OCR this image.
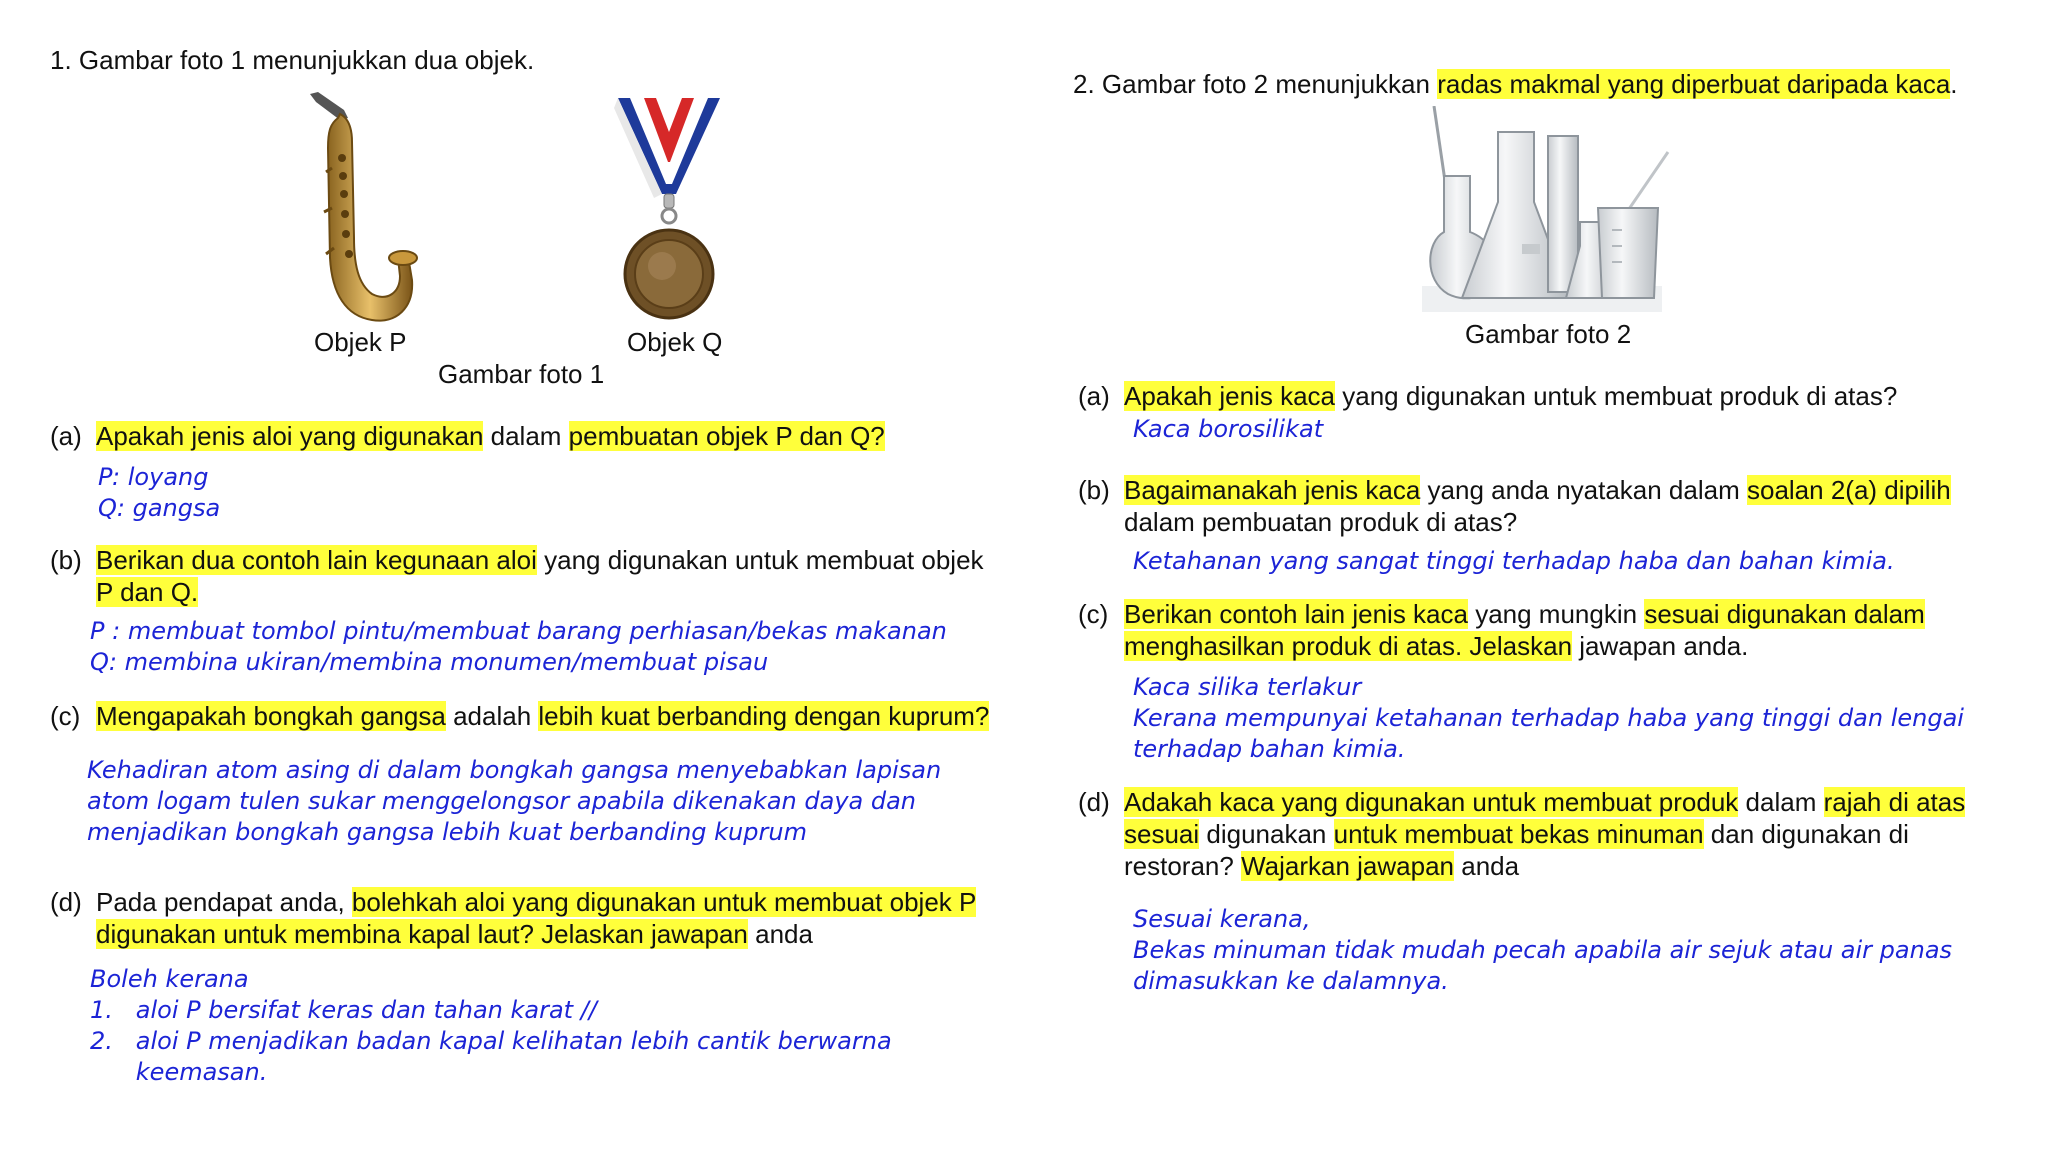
1. Gambar foto 1 menunjukkan dua objek.
Objek P	Objek Q
Gambar foto 1
(a) Apakah jenis aloi yang digunakan dalam pembuatan objek P dan Q?
P: loyang
Q: gangsa
(b) Berikan dua contoh lain kegunaan aloi yang digunakan untuk membuat objek
P dan Q.
P : membuat tombol pintu/membuat barang perhiasan/bekas makanan
Q: membina ukiran/membina monumen/membuat pisau
(c) Mengapakah bongkah gangsa adalah lebih kuat berbanding dengan kuprum?
Kehadiran atom asing di dalam bongkah gangsa menyebabkan lapisan
atom logam tulen sukar menggelongsor apabila dikenakan daya dan
menjadikan bongkah gangsa lebih kuat berbanding kuprum
(d) Pada pendapat anda, bolehkah aloi yang digunakan untuk membuat objek P
digunakan untuk membina kapal laut? Jelaskan jawapan anda
Boleh kerana
1.   aloi P bersifat keras dan tahan karat //
2.   aloi P menjadikan badan kapal kelihatan lebih cantik berwarna
keemasan.
2. Gambar foto 2 menunjukkan radas makmal yang diperbuat daripada kaca.
Gambar foto 2
(a) Apakah jenis kaca yang digunakan untuk membuat produk di atas?
Kaca borosilikat
(b) Bagaimanakah jenis kaca yang anda nyatakan dalam soalan 2(a) dipilih
dalam pembuatan produk di atas?
Ketahanan yang sangat tinggi terhadap haba dan bahan kimia.
(c) Berikan contoh lain jenis kaca yang mungkin sesuai digunakan dalam
menghasilkan produk di atas. Jelaskan jawapan anda.
Kaca silika terlakur
Kerana mempunyai ketahanan terhadap haba yang tinggi dan lengai
terhadap bahan kimia.
(d) Adakah kaca yang digunakan untuk membuat produk dalam rajah di atas
sesuai digunakan untuk membuat bekas minuman dan digunakan di
restoran? Wajarkan jawapan anda
Sesuai kerana,
Bekas minuman tidak mudah pecah apabila air sejuk atau air panas
dimasukkan ke dalamnya.
